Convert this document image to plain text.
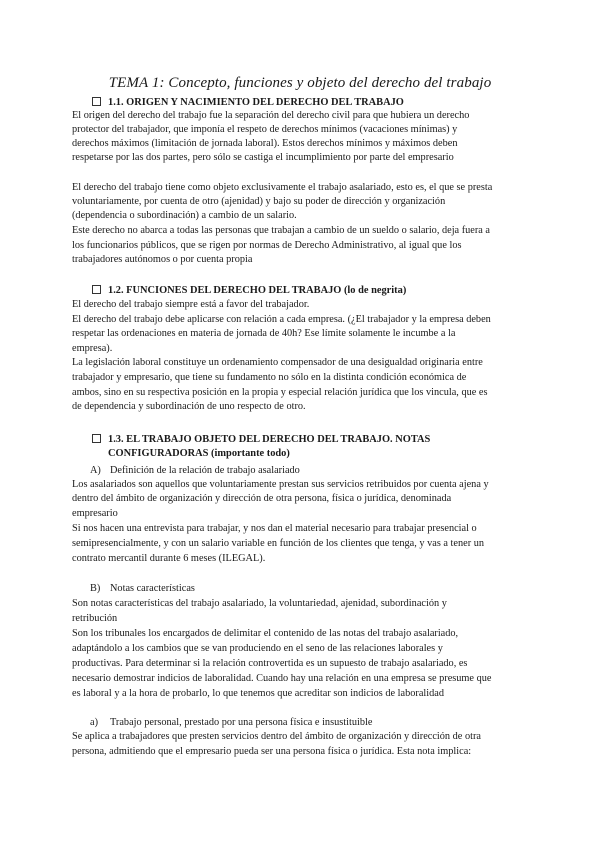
TEMA 1: Concepto, funciones y objeto del derecho del trabajo
1.1. ORIGEN Y NACIMIENTO DEL DERECHO DEL TRABAJO
El origen del derecho del trabajo fue la separación del derecho civil para que hubiera un derecho
protector del trabajador, que imponía el respeto de derechos mínimos (vacaciones mínimas) y
derechos máximos (limitación de jornada laboral). Estos derechos mínimos y máximos deben
respetarse por las dos partes, pero sólo se castiga el incumplimiento por parte del empresario
El derecho del trabajo tiene como objeto exclusivamente el trabajo asalariado, esto es, el que se presta
voluntariamente, por cuenta de otro (ajenidad) y bajo su poder de dirección y organización
(dependencia o subordinación) a cambio de un salario.
Este derecho no abarca a todas las personas que trabajan a cambio de un sueldo o salario, deja fuera a
los funcionarios públicos, que se rigen por normas de Derecho Administrativo, al igual que los
trabajadores autónomos o por cuenta propia
1.2. FUNCIONES DEL DERECHO DEL TRABAJO (lo de negrita)
El derecho del trabajo siempre está a favor del trabajador.
El derecho del trabajo debe aplicarse con relación a cada empresa. (¿El trabajador y la empresa deben
respetar las ordenaciones en materia de jornada de 40h? Ese límite solamente le incumbe a la
empresa).
La legislación laboral constituye un ordenamiento compensador de una desigualdad originaria entre
trabajador y empresario, que tiene su fundamento no sólo en la distinta condición económica de
ambos, sino en su respectiva posición en la propia y especial relación jurídica que los vincula, que es
de dependencia y subordinación de uno respecto de otro.
1.3. EL TRABAJO OBJETO DEL DERECHO DEL TRABAJO. NOTAS
CONFIGURADORAS (importante todo)
A) Definición de la relación de trabajo asalariado
Los asalariados son aquellos que voluntariamente prestan sus servicios retribuidos por cuenta ajena y
dentro del ámbito de organización y dirección de otra persona, física o jurídica, denominada
empresario
Si nos hacen una entrevista para trabajar, y nos dan el material necesario para trabajar presencial o
semipresencialmente, y con un salario variable en función de los clientes que tenga, y vas a tener un
contrato mercantil durante 6 meses (ILEGAL).
B) Notas características
Son notas características del trabajo asalariado, la voluntariedad, ajenidad, subordinación y
retribución
Son los tribunales los encargados de delimitar el contenido de las notas del trabajo asalariado,
adaptándolo a los cambios que se van produciendo en el seno de las relaciones laborales y
productivas. Para determinar si la relación controvertida es un supuesto de trabajo asalariado, es
necesario demostrar indicios de laboralidad. Cuando hay una relación en una empresa se presume que
es laboral y a la hora de probarlo, lo que tenemos que acreditar son indicios de laboralidad
a) Trabajo personal, prestado por una persona física e insustituible
Se aplica a trabajadores que presten servicios dentro del ámbito de organización y dirección de otra
persona, admitiendo que el empresario pueda ser una persona física o jurídica. Esta nota implica:
